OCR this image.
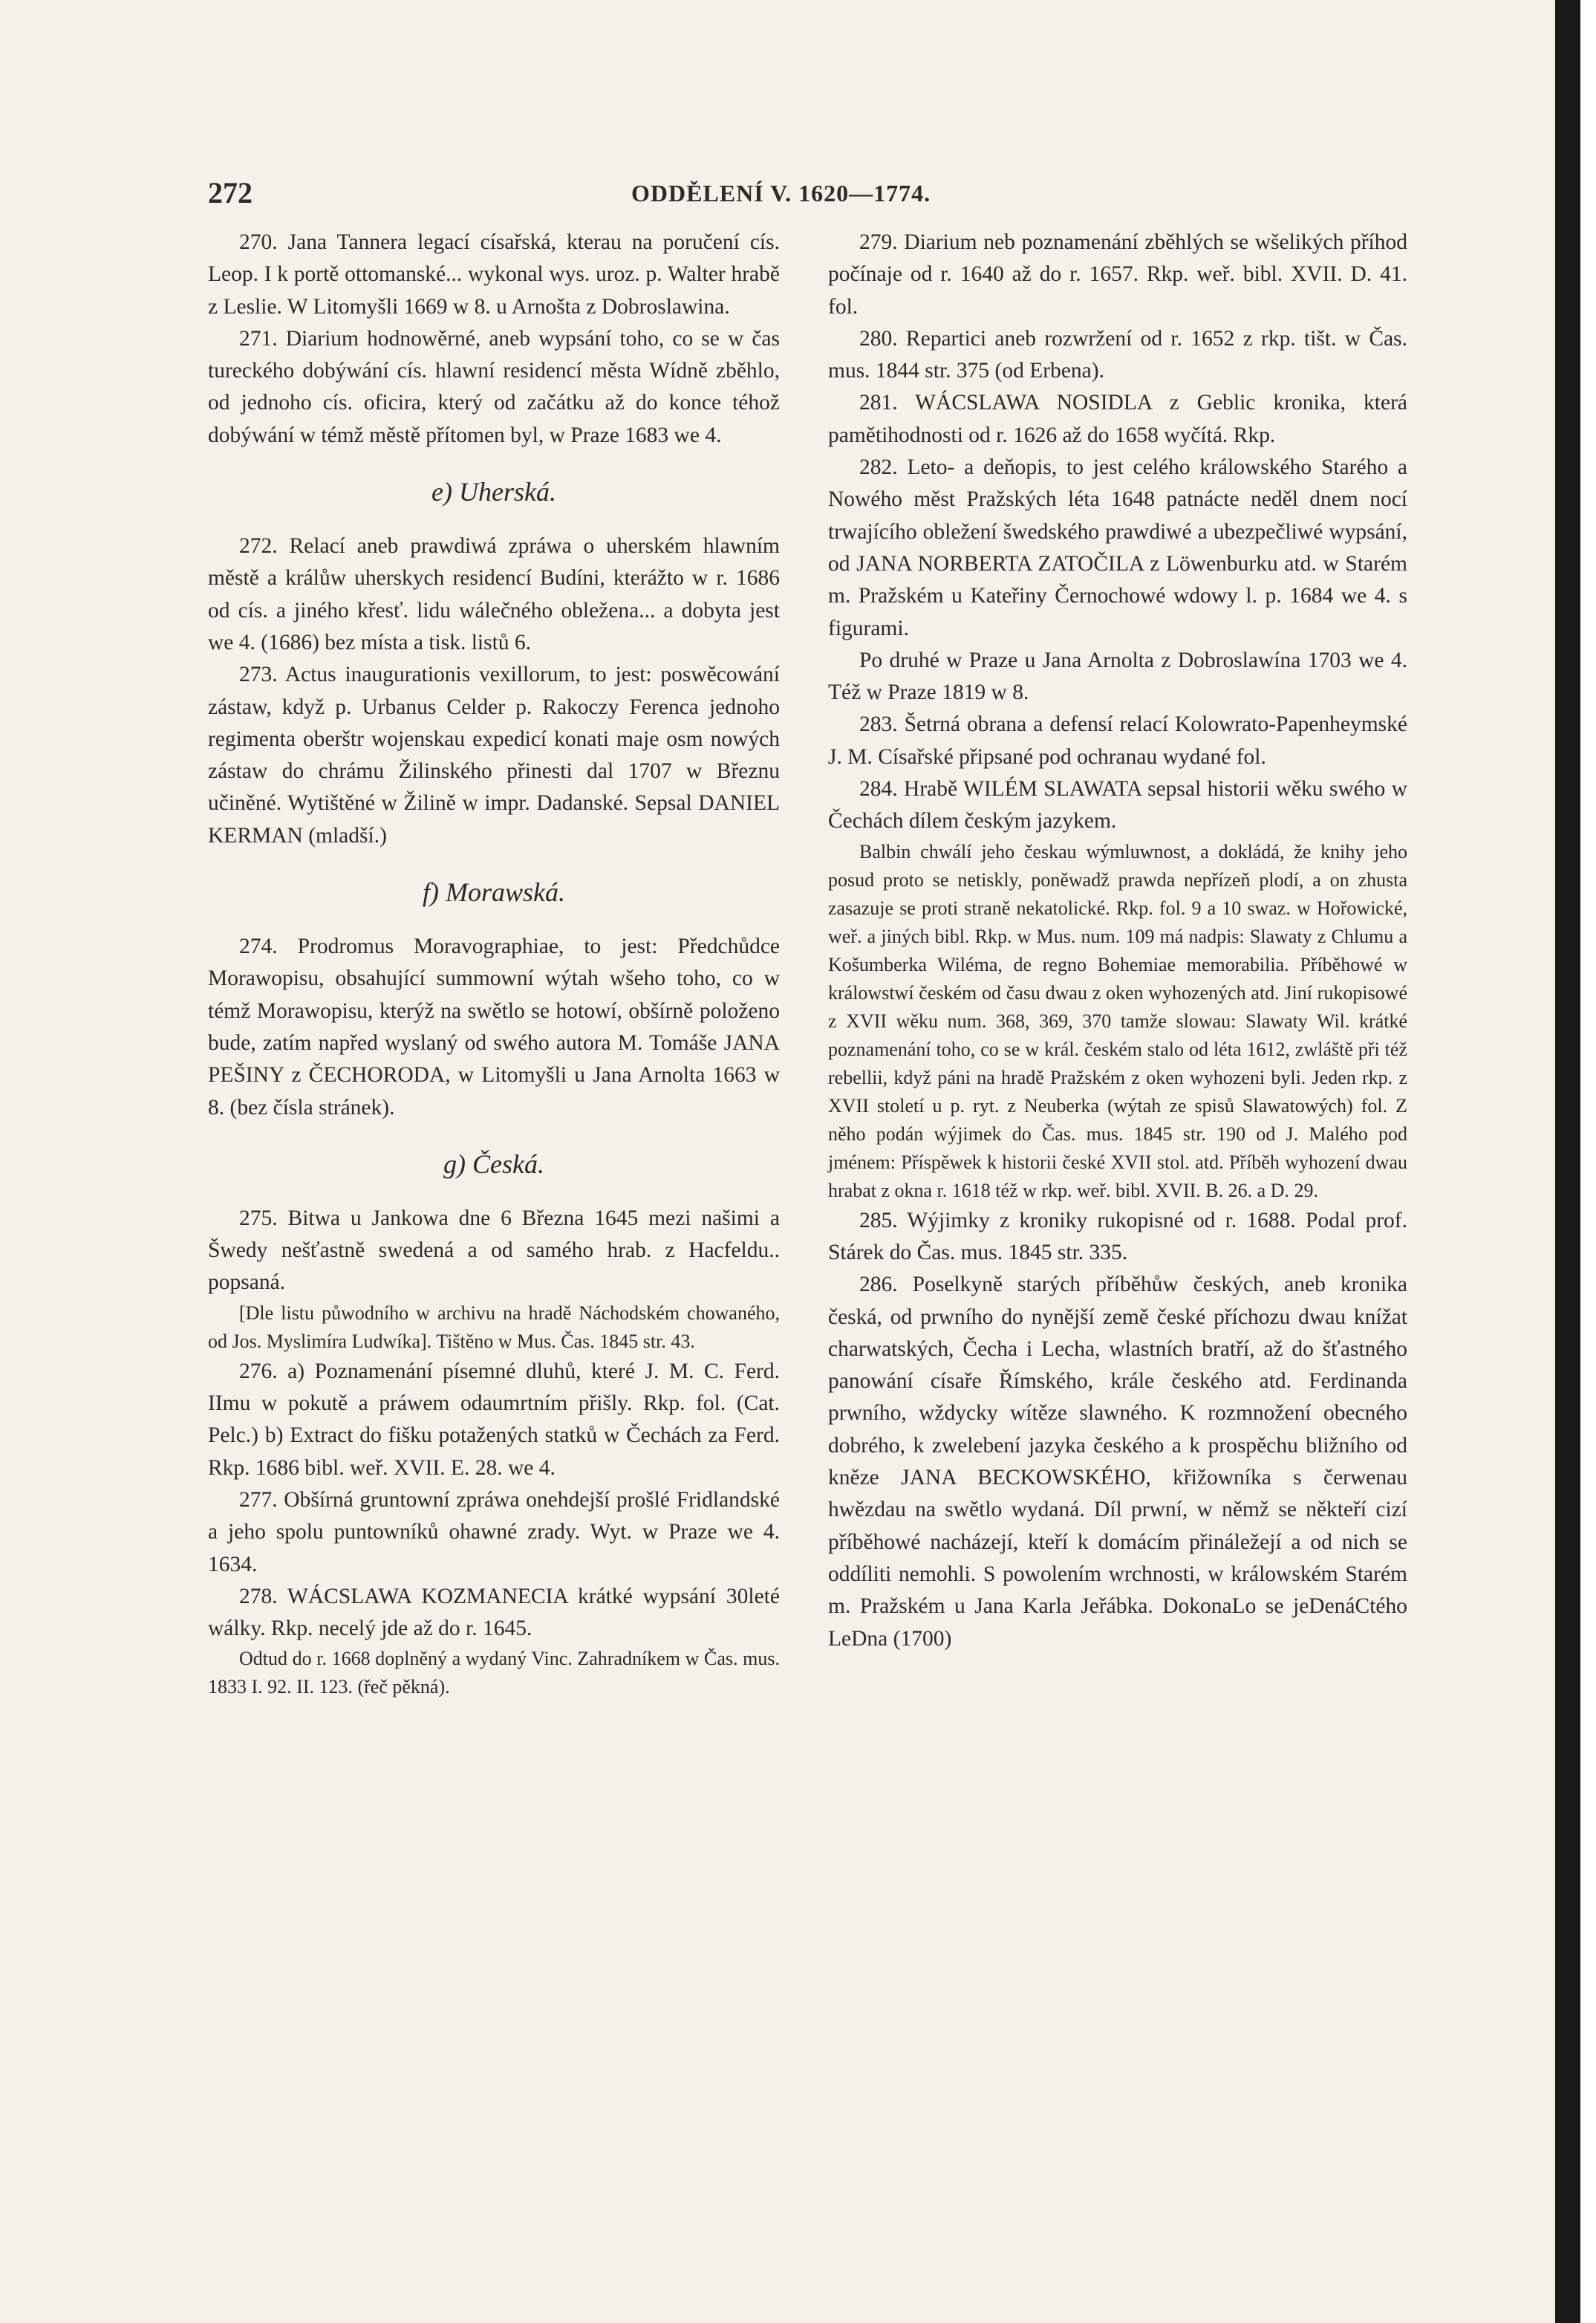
272	ODDĚLENÍ V. 1620—1774.

270. Jana Tannera legací císařská, kterau na poručení cís. Leop. I k portě ottomanské... wykonal wys. uroz. p. Walter hrabě z Leslie. W Litomyšli 1669 w 8. u Arnošta z Dobroslawina.

271. Diarium hodnowěrné, aneb wypsání toho, co se w čas tureckého dobýwání cís. hlawní residencí města Wídně zběhlo, od jednoho cís. oficira, který od začátku až do konce téhož dobýwání w témž městě přítomen byl, w Praze 1683 we 4.

e) Uherská.

272. Relací aneb prawdiwá zpráwa o uherském hlawním městě a králůw uherskych residencí Budíni, kterážto w r. 1686 od cís. a jiného křesť. lidu wálečného obležena... a dobyta jest we 4. (1686) bez místa a tisk. listů 6.

273. Actus inaugurationis vexillorum, to jest: poswěcowání zástaw, když p. Urbanus Celder p. Rakoczy Ferenca jednoho regimenta oberštr wojenskau expedicí konati maje osm nowých zástaw do chrámu Žilinského přinesti dal 1707 w Březnu učiněné. Wytištěné w Žilině w impr. Dadanské. Sepsal DANIEL KERMAN (mladší.)

f) Morawská.

274. Prodromus Moravographiae, to jest: Předchůdce Morawopisu, obsahující summowní wýtah wšeho toho, co w témž Morawopisu, kterýž na swětlo se hotowí, obšírně položeno bude, zatím napřed wyslaný od swého autora M. Tomáše JANA PEŠINY z ČECHORODA, w Litomyšli u Jana Arnolta 1663 w 8. (bez čísla stránek).

g) Česká.

275. Bitwa u Jankowa dne 6 Března 1645 mezi našimi a Šwedy nešťastně swedená a od samého hrab. z Hacfeldu.. popsaná.

[Dle listu půwodního w archivu na hradě Náchodském chowaného, od Jos. Myslimíra Ludwíka]. Tištěno w Mus. Čas. 1845 str. 43.

276. a) Poznamenání písemné dluhů, které J. M. C. Ferd. IImu w pokutě a práwem odaumrtním přišly. Rkp. fol. (Cat. Pelc.) b) Extract do fišku potažených statků w Čechách za Ferd. Rkp. 1686 bibl. weř. XVII. E. 28. we 4.

277. Obšírná gruntowní zpráwa onehdejší prošlé Fridlandské a jeho spolu puntowníků ohawné zrady. Wyt. w Praze we 4. 1634.

278. WÁCSLAWA KOZMANECIA krátké wypsání 30leté wálky. Rkp. necelý jde až do r. 1645.

Odtud do r. 1668 doplněný a wydaný Vinc. Zahradníkem w Čas. mus. 1833 I. 92. II. 123. (řeč pěkná).

279. Diarium neb poznamenání zběhlých se wšelikých příhod počínaje od r. 1640 až do r. 1657. Rkp. weř. bibl. XVII. D. 41. fol.

280. Repartici aneb rozwržení od r. 1652 z rkp. tišt. w Čas. mus. 1844 str. 375 (od Erbena).

281. WÁCSLAWA NOSIDLA z Geblic kronika, která pamětihodnosti od r. 1626 až do 1658 wyčítá. Rkp.

282. Leto- a deňopis, to jest celého králowského Starého a Nowého měst Pražských léta 1648 patnácte neděl dnem nocí trwajícího obležení šwedského prawdiwé a ubezpečliwé wypsání, od JANA NORBERTA ZATOČILA z Löwenburku atd. w Starém m. Pražském u Kateřiny Černochowé wdowy l. p. 1684 we 4. s figurami.

Po druhé w Praze u Jana Arnolta z Dobroslawína 1703 we 4. Též w Praze 1819 w 8.

283. Šetrná obrana a defensí relací Kolowrato-Papenheymské J. M. Císařské připsané pod ochranau wydané fol.

284. Hrabě WILÉM SLAWATA sepsal historii wěku swého w Čechách dílem českým jazykem.

Balbin chwálí jeho českau wýmluwnost, a dokládá, že knihy jeho posud proto se netiskly, poněwadž prawda nepřízeň plodí, a on zhusta zasazuje se proti straně nekatolické. Rkp. fol. 9 a 10 swaz. w Hořowické, weř. a jiných bibl. Rkp. w Mus. num. 109 má nadpis: Slawaty z Chlumu a Košumberka Wiléma, de regno Bohemiae memorabilia. Příběhowé w králowstwí českém od času dwau z oken wyhozených atd. Jiní rukopisowé z XVII wěku num. 368, 369, 370 tamže slowau: Slawaty Wil. krátké poznamenání toho, co se w král. českém stalo od léta 1612, zwláště při též rebellii, když páni na hradě Pražském z oken wyhozeni byli. Jeden rkp. z XVII století u p. ryt. z Neuberka (wýtah ze spisů Slawatowých) fol. Z něho podán wýjimek do Čas. mus. 1845 str. 190 od J. Malého pod jménem: Příspěwek k historii české XVII stol. atd. Příběh wyhození dwau hrabat z okna r. 1618 též w rkp. weř. bibl. XVII. B. 26. a D. 29.

285. Wýjimky z kroniky rukopisné od r. 1688. Podal prof. Stárek do Čas. mus. 1845 str. 335.

286. Poselkyně starých příběhůw českých, aneb kronika česká, od prwního do nynější země české příchozu dwau knížat charwatských, Čecha i Lecha, wlastních bratří, až do šťastného panowání císaře Římského, krále českého atd. Ferdinanda prwního, wždycky wítěze slawného. K rozmnožení obecného dobrého, k zwelebení jazyka českého a k prospěchu bližního od kněze JANA BECKOWSKÉHO, křižowníka s čerwenau hwězdau na swětlo wydaná. Díl prwní, w němž se někteří cizí příběhowé nacházejí, kteří k domácím přináležejí a od nich se oddíliti nemohli. S powolením wrchnosti, w králowském Starém m. Pražském u Jana Karla Jeřábka. DokonaLo se jeDenáCtého LeDna (1700)
